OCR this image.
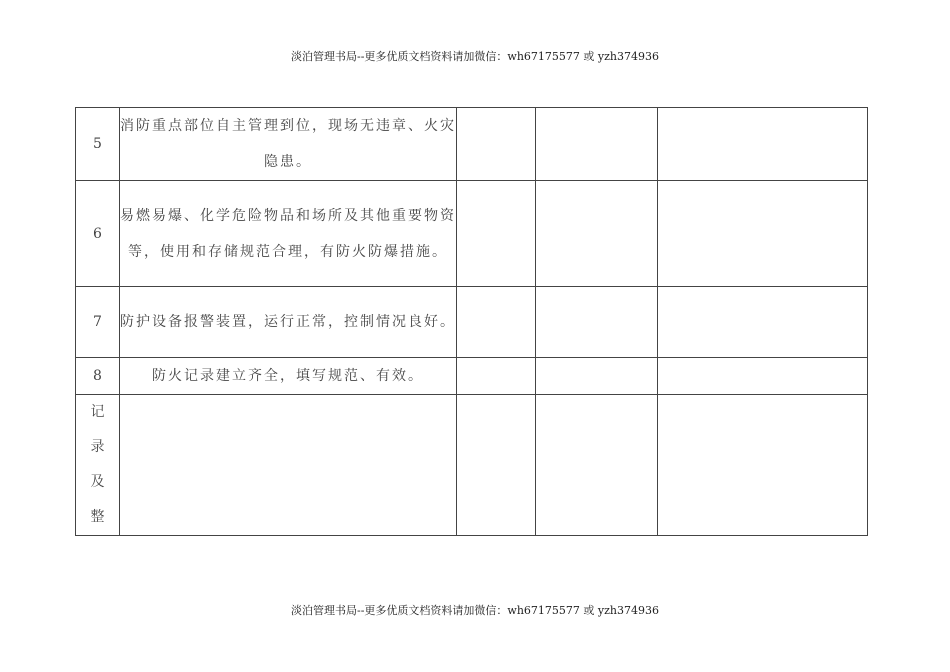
淡泊管理书局--更多优质文档资料请加微信：wh67175577 或 yzh374936
5	消防重点部位自主管理到位，现场无违章、火灾隐患。			
6	易燃易爆、化学危险物品和场所及其他重要物资等，使用和存储规范合理，有防火防爆措施。			
7	防护设备报警装置，运行正常，控制情况良好。			
8	防火记录建立齐全，填写规范、有效。			

记
录
及
整				

淡泊管理书局--更多优质文档资料请加微信：wh67175577 或 yzh374936
